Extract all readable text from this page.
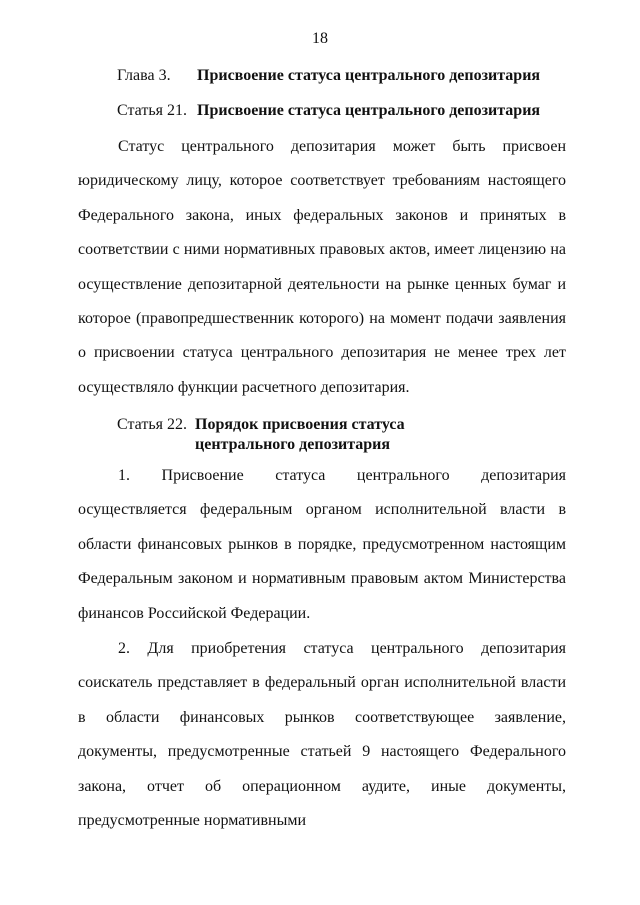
18
Глава 3. Присвоение статуса центрального депозитария
Статья 21. Присвоение статуса центрального депозитария

Статус центрального депозитария может быть присвоен юридическому лицу, которое соответствует требованиям настоящего Федерального закона, иных федеральных законов и принятых в соответствии с ними нормативных правовых актов, имеет лицензию на осуществление депозитарной деятельности на рынке ценных бумаг и которое (правопредшественник которого) на момент подачи заявления о присвоении статуса центрального депозитария не менее трех лет осуществляло функции расчетного депозитария.

Статья 22. Порядок присвоения статуса центрального депозитария

1. Присвоение статуса центрального депозитария осуществляется федеральным органом исполнительной власти в области финансовых рынков в порядке, предусмотренном настоящим Федеральным законом и нормативным правовым актом Министерства финансов Российской Федерации.

2. Для приобретения статуса центрального депозитария соискатель представляет в федеральный орган исполнительной власти в области финансовых рынков соответствующее заявление, документы, предусмотренные статьей 9 настоящего Федерального закона, отчет об операционном аудите, иные документы, предусмотренные нормативными
